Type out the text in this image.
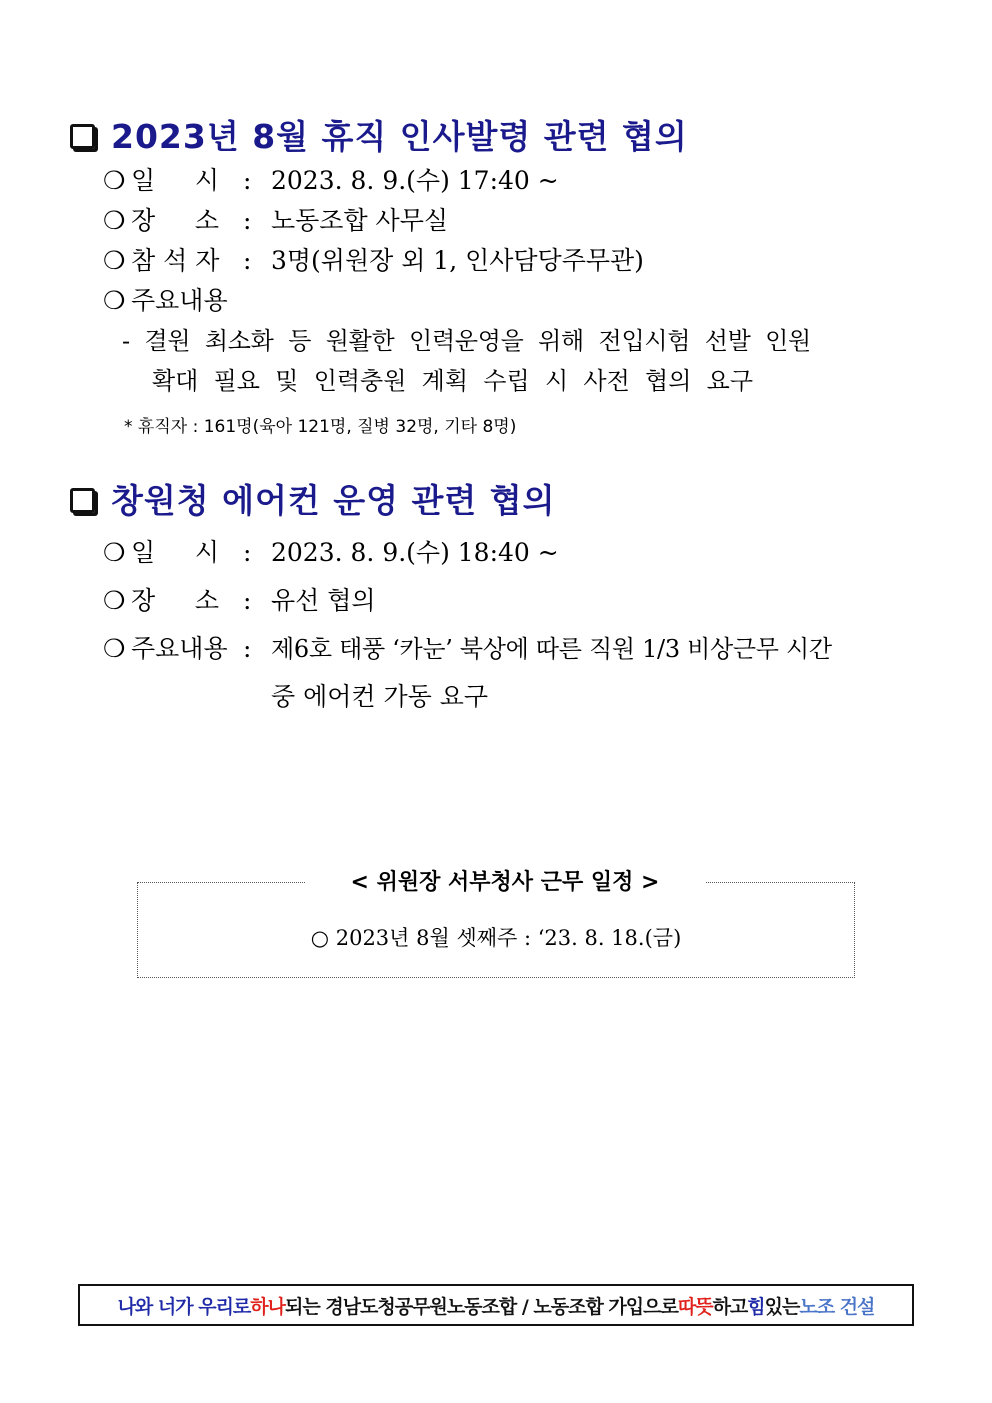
2023년 8월 휴직 인사발령 관련 협의
❍ 일     시 : 2023. 8. 9.(수) 17:40 ~
❍ 장     소 : 노동조합 사무실
❍ 참 석 자 : 3명(위원장 외 1, 인사담당주무관)
❍ 주요내용
-  결원  최소화  등  원활한  인력운영을  위해  전입시험  선발  인원
확대  필요  및  인력충원  계획  수립  시  사전  협의  요구
* 휴직자 : 161명(육아 121명, 질병 32명, 기타 8명)
창원청 에어컨 운영 관련 협의
❍ 일     시 : 2023. 8. 9.(수) 18:40 ~
❍ 장     소 : 유선 협의
❍ 주요내용 : 제6호 태풍 ‘카눈’ 북상에 따른 직원 1/3 비상근무 시간
중 에어컨 가동 요구
< 위원장 서부청사 근무 일정 >
○ 2023년 8월 셋째주 : ‘23. 8. 18.(금)
나와 너가 우리로 하나 되는 경남도청공무원노동조합 / 노동조합 가입으로 따뜻 하고 힘 있는 노조 건설
